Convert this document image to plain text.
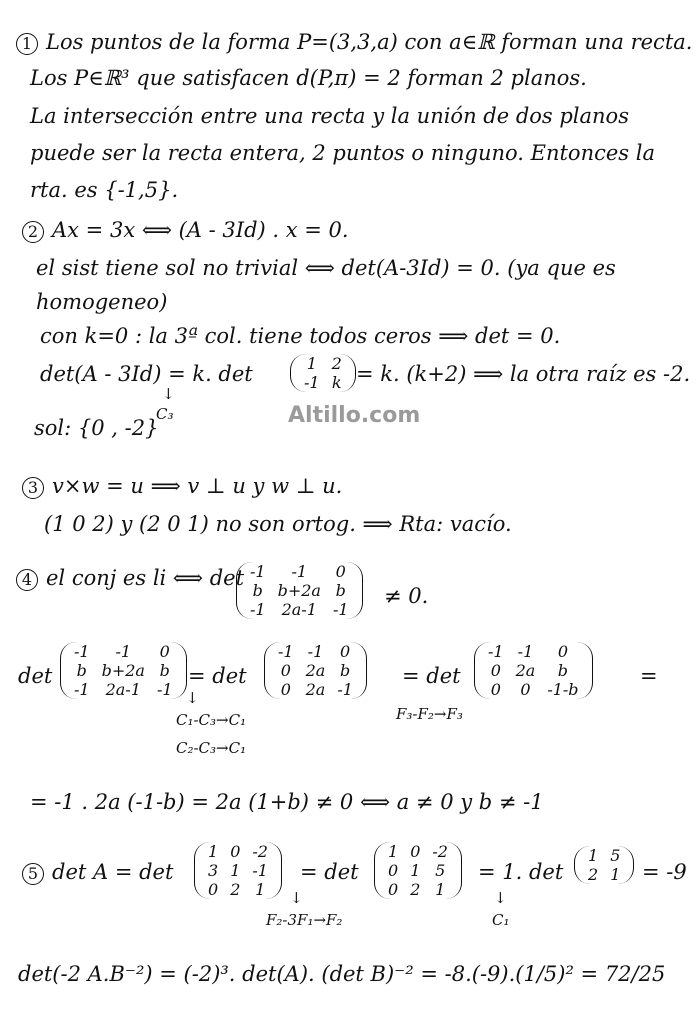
1 Los puntos de la forma P=(3,3,a) con a∈ℝ forman una recta.
Los P∈ℝ³ que satisfacen d(P,π) = 2 forman 2 planos.
La intersección entre una recta y la unión de dos planos
puede ser la recta entera, 2 puntos o ninguno. Entonces la
rta. es {-1,5}.
2 Ax = 3x ⟺ (A - 3Id) . x = 0.
el sist tiene sol no trivial ⟺ det(A-3Id) = 0. (ya que es
homogeneo)
con k=0 : la 3ª col. tiene todos ceros ⟹ det = 0.
det(A - 3Id) = k. det	1	2
-1	k = k. (k+2) ⟹ la otra raíz es -2.
↓
C₃
sol: {0 , -2}	Altillo.com
3 v×w = u ⟹ v ⊥ u y w ⊥ u.
(1 0 2) y (2 0 1) no son ortog. ⟹ Rta: vacío.
4 el conj es li ⟺ det -1	-1	0
b	b+2a	b
-1	2a-1	-1
≠ 0.
det
-1	-1	0
b	b+2a	b
-1	2a-1	-1
= det
-1	-1	0
0	2a	b
0	2a	-1
= det
-1	-1	0
0	2a	b
0	0	-1-b
=
↓
C₁-C₃→C₁
C₂-C₃→C₁
F₃-F₂→F₃
= -1 . 2a (-1-b) = 2a (1+b) ≠ 0 ⟺ a ≠ 0 y b ≠ -1
5 det A = det
1	0	-2
3	1	-1
0	2	1
= det
1	0	-2
0	1	5
0	2	1
= 1. det
1	5
2	1 = -9
↓
F₂-3F₁→F₂
↓
C₁
det(-2 A.B⁻²) = (-2)³. det(A). (det B)⁻² = -8.(-9).(1/5)² = 72/25
